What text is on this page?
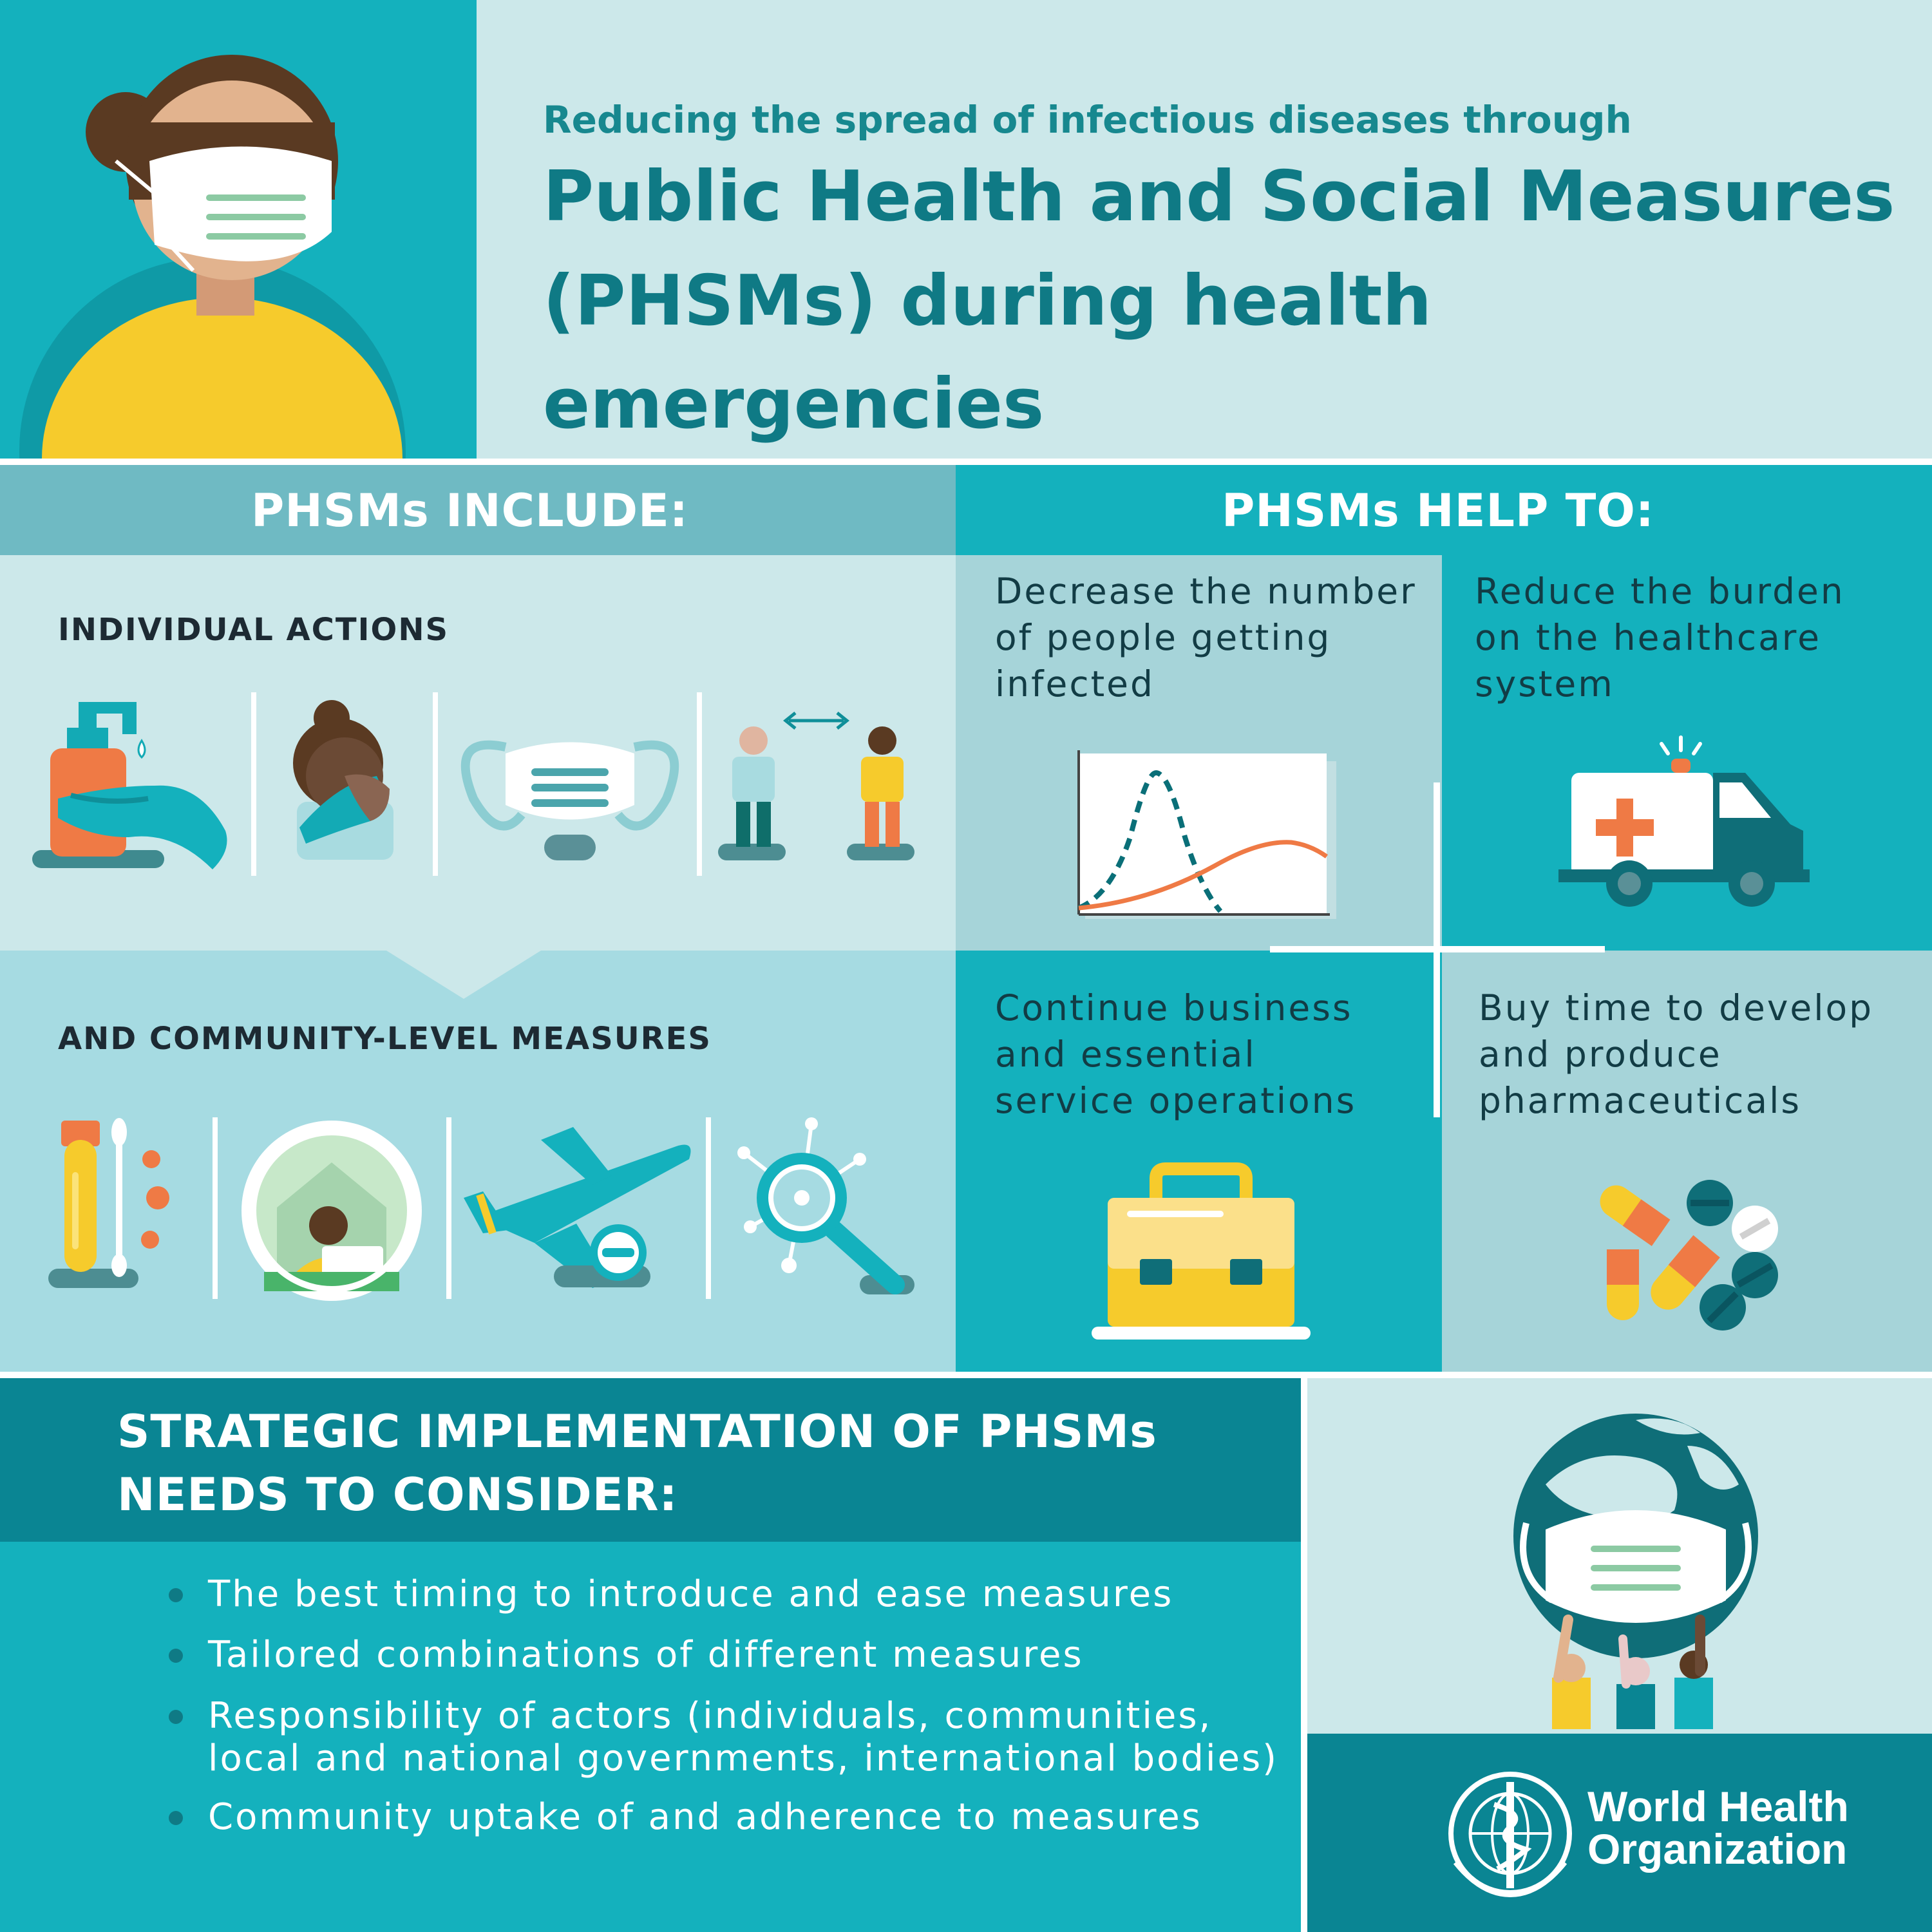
Reducing the spread of infectious diseases through
Public Health and Social Measures
(PHSMs) during health emergencies
PHSMs INCLUDE:
INDIVIDUAL ACTIONS
AND COMMUNITY-LEVEL MEASURES
PHSMs HELP TO:
Decrease the number
of people getting
infected
Reduce the burden
on the healthcare
system
Continue business
and essential
service operations
Buy time to develop
and produce
pharmaceuticals
STRATEGIC IMPLEMENTATION OF PHSMs
NEEDS TO CONSIDER:
The best timing to introduce and ease measures
Tailored combinations of different measures
Responsibility of actors (individuals, communities,
local and national governments, international bodies)
Community uptake of and adherence to measures	World Health
Organization
